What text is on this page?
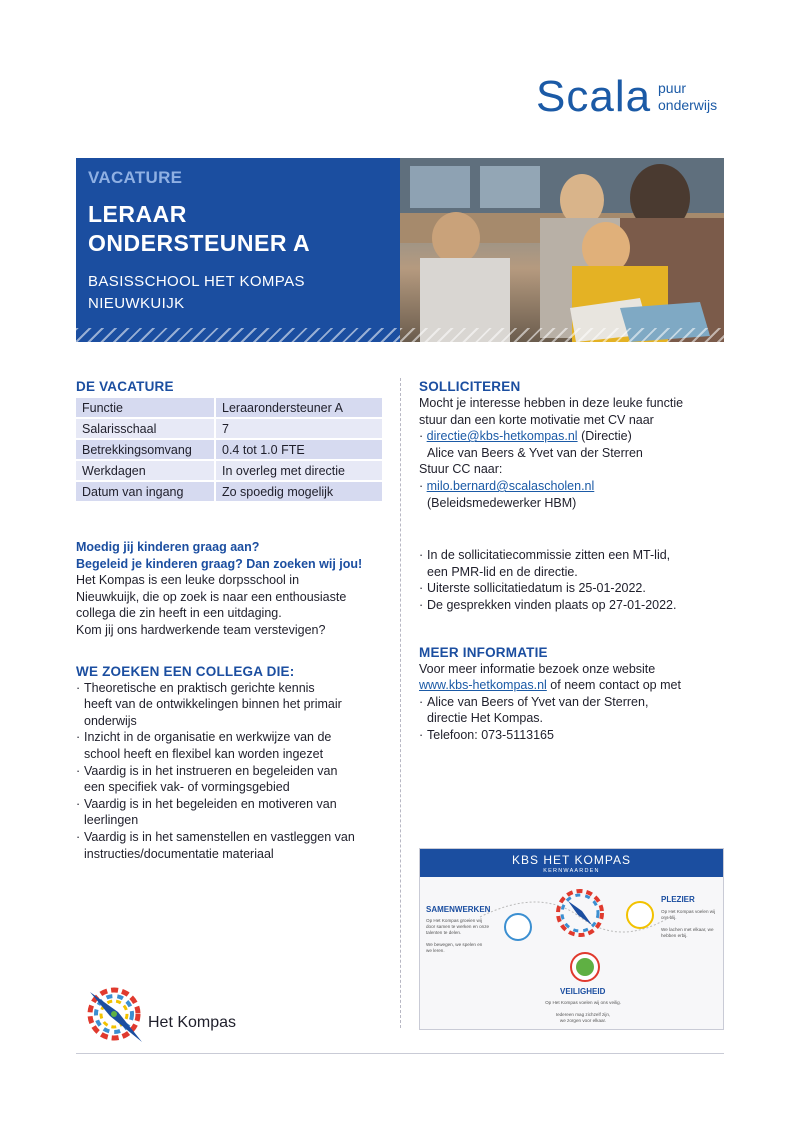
Scala puur
onderwijs
VACATURE
LERAAR
ONDERSTEUNER A
BASISSCHOOL HET KOMPAS
NIEUWKUIJK
DE VACATURE
Functie	Leraarondersteuner A
Salarisschaal	7
Betrekkingsomvang	0.4 tot 1.0 FTE
Werkdagen	In overleg met directie
Datum van ingang	Zo spoedig mogelijk
Moedig jij kinderen graag aan?
Begeleid je kinderen graag? Dan zoeken wij jou!
Het Kompas is een leuke dorpsschool in
Nieuwkuijk, die op zoek is naar een enthousiaste
collega die zin heeft in een uitdaging.
Kom jij ons hardwerkende team verstevigen?
WE ZOEKEN EEN COLLEGA DIE:
· Theoretische en praktisch gerichte kennis
heeft van de ontwikkelingen binnen het primair
onderwijs
· Inzicht in de organisatie en werkwijze van de
school heeft en flexibel kan worden ingezet
· Vaardig is in het instrueren en begeleiden van
een specifiek vak- of vormingsgebied
· Vaardig is in het begeleiden en motiveren van
leerlingen
· Vaardig is in het samenstellen en vastleggen van
instructies/documentatie materiaal
SOLLICITEREN
Mocht je interesse hebben in deze leuke functie
stuur dan een korte motivatie met CV naar
· directie@kbs-hetkompas.nl (Directie)
Alice van Beers & Yvet van der Sterren
Stuur CC naar:
· milo.bernard@scalascholen.nl
(Beleidsmedewerker HBM)
· In de sollicitatiecommissie zitten een MT-lid,
een PMR-lid en de directie.
· Uiterste sollicitatiedatum is 25-01-2022.
· De gesprekken vinden plaats op 27-01-2022.
MEER INFORMATIE
Voor meer informatie bezoek onze website
www.kbs-hetkompas.nl of neem contact op met
· Alice van Beers of Yvet van der Sterren,
directie Het Kompas.
· Telefoon: 073-5113165
KBS HET KOMPAS
KERNWAARDEN
SAMENWERKEN
Op Het Kompas groeien wij
door samen te werken en onze
talenten te delen.

We bewegen, we spelen en
we leren.
PLEZIER
Op Het Kompas voelen wij
ons blij.

We lachen met elkaar, we
hebben erbij.
VEILIGHEID
Op Het Kompas voelen wij ons veilig.

Iedereen mag zichzelf zijn,
we zorgen voor elkaar.
Het Kompas
